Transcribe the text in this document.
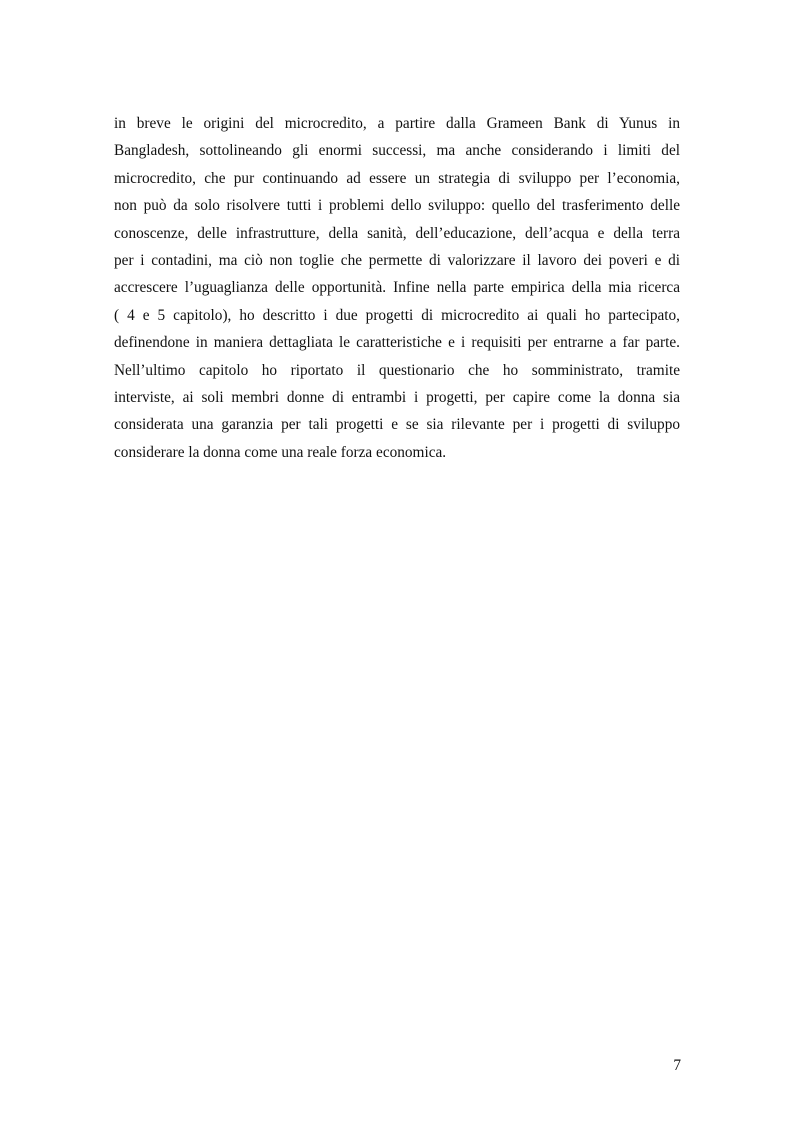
in breve le origini del microcredito, a partire dalla Grameen Bank di Yunus in
Bangladesh, sottolineando gli enormi successi, ma anche considerando i limiti del
microcredito, che pur continuando ad essere un strategia di sviluppo per l’economia,
non può da solo risolvere tutti i problemi dello sviluppo: quello del trasferimento delle
conoscenze, delle infrastrutture, della sanità, dell’educazione, dell’acqua e della terra
per i contadini, ma ciò non toglie che permette di valorizzare il lavoro dei poveri e di
accrescere l’uguaglianza delle opportunità. Infine nella parte empirica della mia ricerca
( 4 e 5 capitolo), ho descritto i due progetti di microcredito ai quali ho partecipato,
definendone in maniera dettagliata le caratteristiche e i requisiti per entrarne a far parte.
Nell’ultimo capitolo ho riportato il questionario che ho somministrato, tramite
interviste, ai soli membri donne di entrambi i progetti, per capire come la donna sia
considerata una garanzia per tali progetti e se sia rilevante per i progetti di sviluppo
considerare la donna come una reale forza economica.
7
